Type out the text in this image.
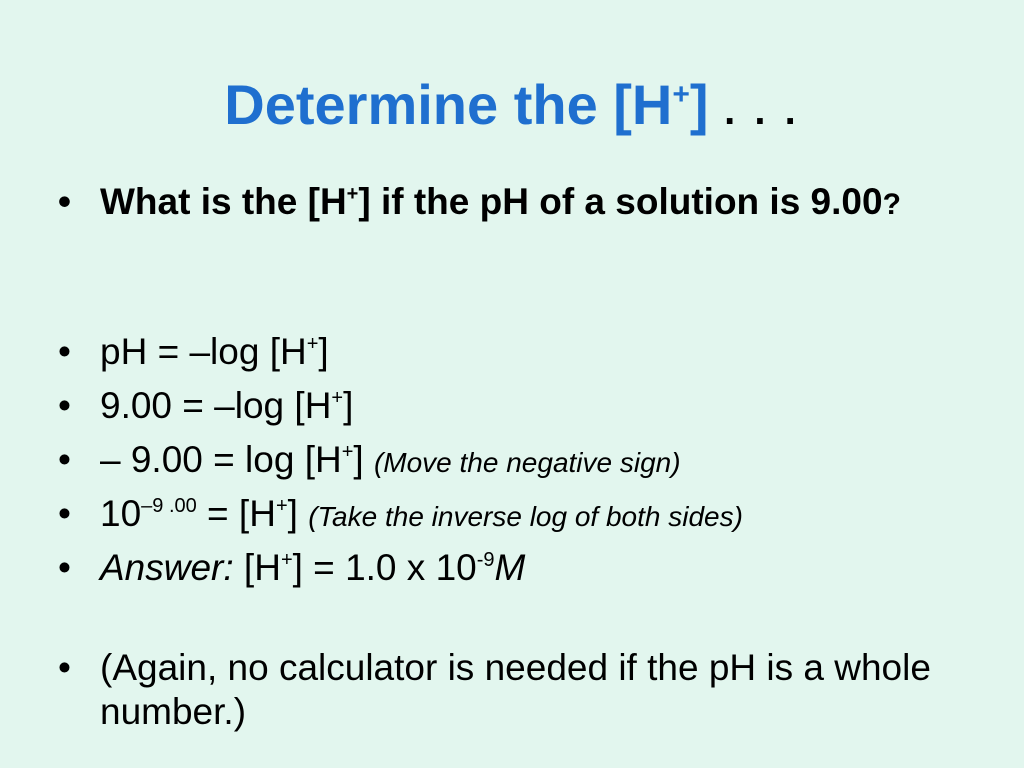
Determine the [H+] . . .
• What is the [H+] if the pH of a solution is 9.00?
• pH = –log [H+]
• 9.00 = –log [H+]
• – 9.00 = log [H+] (Move the negative sign)
• $10^{-9 .00} = [H^+]$ (Take the inverse log of both sides)
• Answer: [H+] = 1.0 x $10^{-9}M$
• (Again, no calculator is needed if the pH is a whole number.)
